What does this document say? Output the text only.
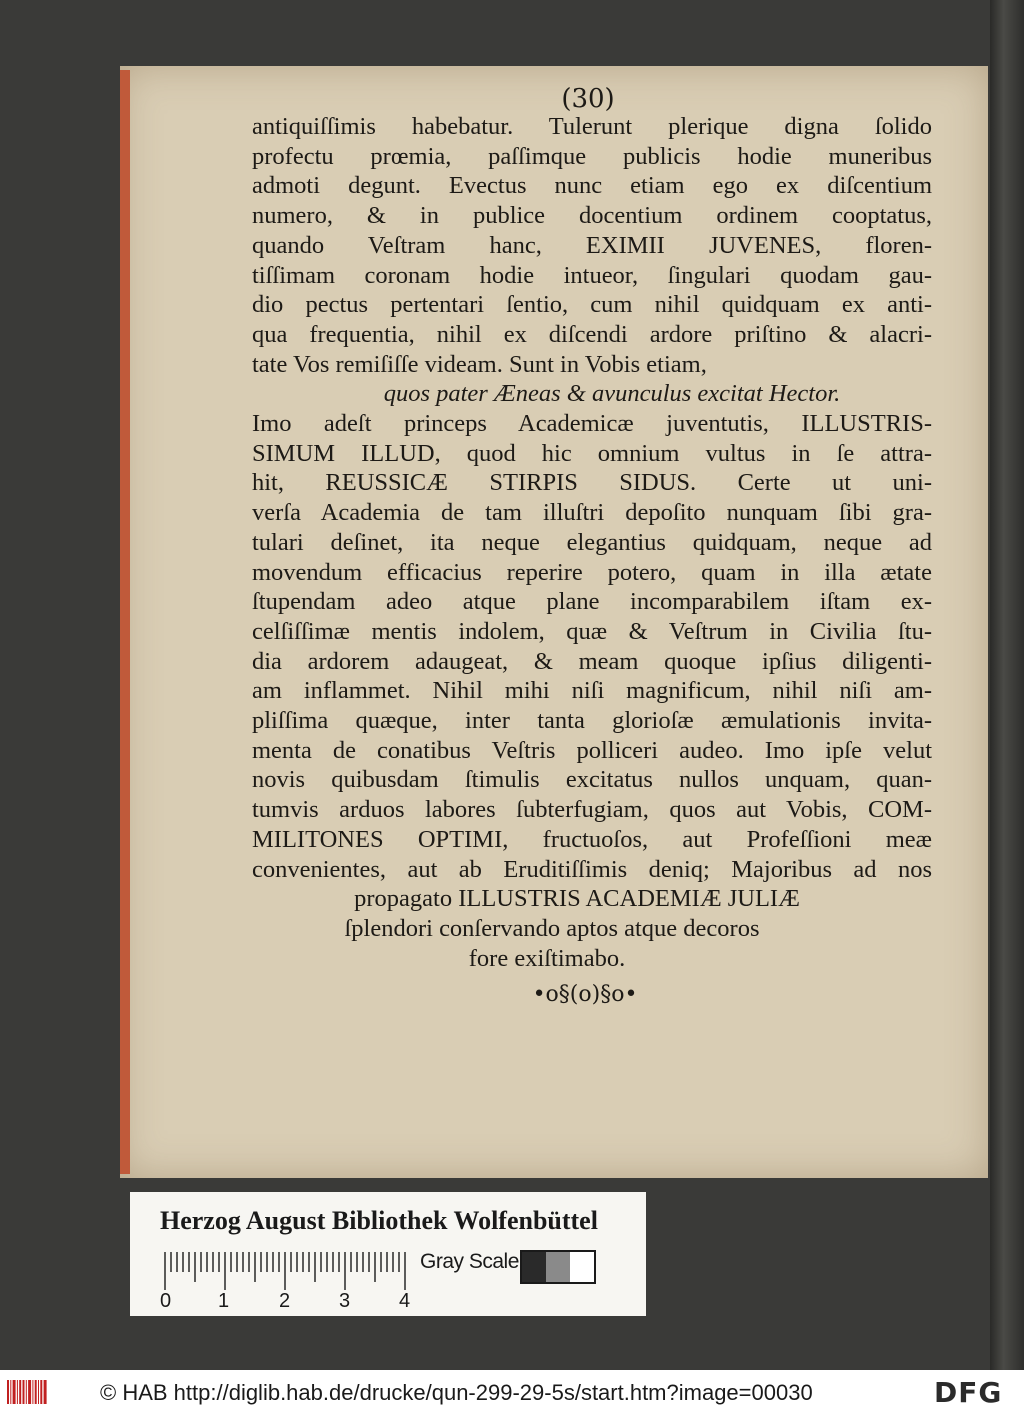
(30)
antiquiſſimis habebatur. Tulerunt plerique digna ſolido
profectu prœmia, paſſimque publicis hodie muneribus
admoti degunt. Evectus nunc etiam ego ex diſcentium
numero, & in publice docentium ordinem cooptatus,
quando Veſtram hanc, EXIMII JUVENES, floren-
tiſſimam coronam hodie intueor, ſingulari quodam gau-
dio pectus pertentari ſentio, cum nihil quidquam ex anti-
qua frequentia, nihil ex diſcendi ardore priſtino & alacri-
tate Vos remiſiſſe videam. Sunt in Vobis etiam,
quos pater Æneas & avunculus excitat Hector.
Imo adeſt princeps Academicæ juventutis, ILLUSTRIS-
SIMUM ILLUD, quod hic omnium vultus in ſe attra-
hit, REUSSICÆ STIRPIS SIDUS. Certe ut uni-
verſa Academia de tam illuſtri depoſito nunquam ſibi gra-
tulari deſinet, ita neque elegantius quidquam, neque ad
movendum efficacius reperire potero, quam in illa ætate
ſtupendam adeo atque plane incomparabilem iſtam ex-
celſiſſimæ mentis indolem, quæ & Veſtrum in Civilia ſtu-
dia ardorem adaugeat, & meam quoque ipſius diligenti-
am inflammet. Nihil mihi niſi magnificum, nihil niſi am-
pliſſima quæque, inter tanta glorioſæ æmulationis invita-
menta de conatibus Veſtris polliceri audeo. Imo ipſe velut
novis quibusdam ſtimulis excitatus nullos unquam, quan-
tumvis arduos labores ſubterfugiam, quos aut Vobis, COM-
MILITONES OPTIMI, fructuoſos, aut Profeſſioni meæ
convenientes, aut ab Eruditiſſimis deniq; Majoribus ad nos
propagato ILLUSTRIS ACADEMIÆ JULIÆ
ſplendori conſervando aptos atque decoros
fore exiſtimabo.
•o§(o)§o•
Herzog August Bibliothek Wolfenbüttel
0 1 2 3 4
Gray Scale
© HAB http://diglib.hab.de/drucke/qun-299-29-5s/start.htm?image=00030	DFG
